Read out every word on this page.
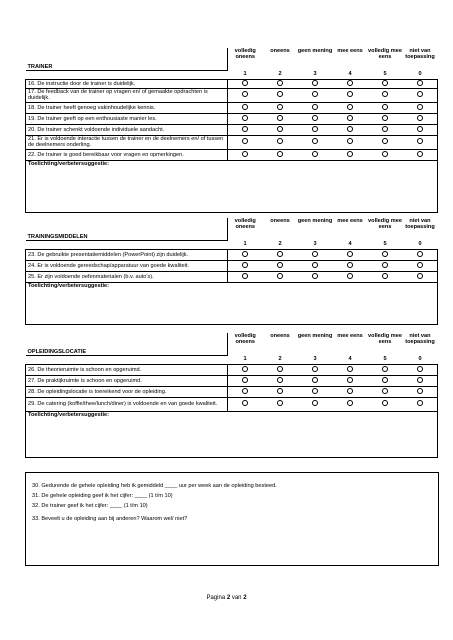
TRAINER	volledig oneens	oneens	geen mening	mee eens	volledig mee eens	niet van toepassing
	1	2	3	4	5	0
16. De instructie door de trainer is duidelijk.						
17. De feedback van de trainer op vragen en/ of gemaakte opdrachten is duidelijk.						
18. De trainer heeft genoeg vakinhoudelijke kennis.						
19. De trainer geeft op een enthousiaste manier les.						
20. De trainer schenkt voldoende individuele aandacht.						
21. Er is voldoende interactie tussen de trainer en de deelnemers en/ of tussen de deelnemers onderling.						
22. De trainer is goed bereikbaar voor vragen en opmerkingen.						
Toelichting/verbetersuggestie:						
TRAININGSMIDDELEN	volledig oneens	oneens	geen mening	mee eens	volledig mee eens	niet van toepassing
	1	2	3	4	5	0
23. De gebruikte presentatiemiddelen (PowerPoint) zijn duidelijk.						
24. Er is voldoende gereedschap/apparatuur van goede kwaliteit.						
25. Er zijn voldoende oefenmaterialen (b.v. auto's).						
Toelichting/verbetersuggestie:						
OPLEIDINGSLOCATIE	volledig oneens	oneens	geen mening	mee eens	volledig mee eens	niet van toepassing
	1	2	3	4	5	0
26. De theorieruimte is schoon en opgeruimd.						
27. De praktijkruimte is schoon en opgeruimd.						
28. De opleidingslocatie is toereikend voor de opleiding.						
29. De catering (koffie/thee/lunch/diner) is voldoende en van goede kwaliteit.						
Toelichting/verbetersuggestie:						

30. Gedurende de gehele opleiding heb ik gemiddeld ____ uur per week aan de opleiding besteed.

31. De gehele opleiding geef ik het cijfer: ____ (1 t/m 10)

32. De trainer geef ik het cijfer: ____ (1 t/m 10)

33. Beveelt u de opleiding aan bij anderen? Waarom wel/ niet?

Pagina 2 van 2
